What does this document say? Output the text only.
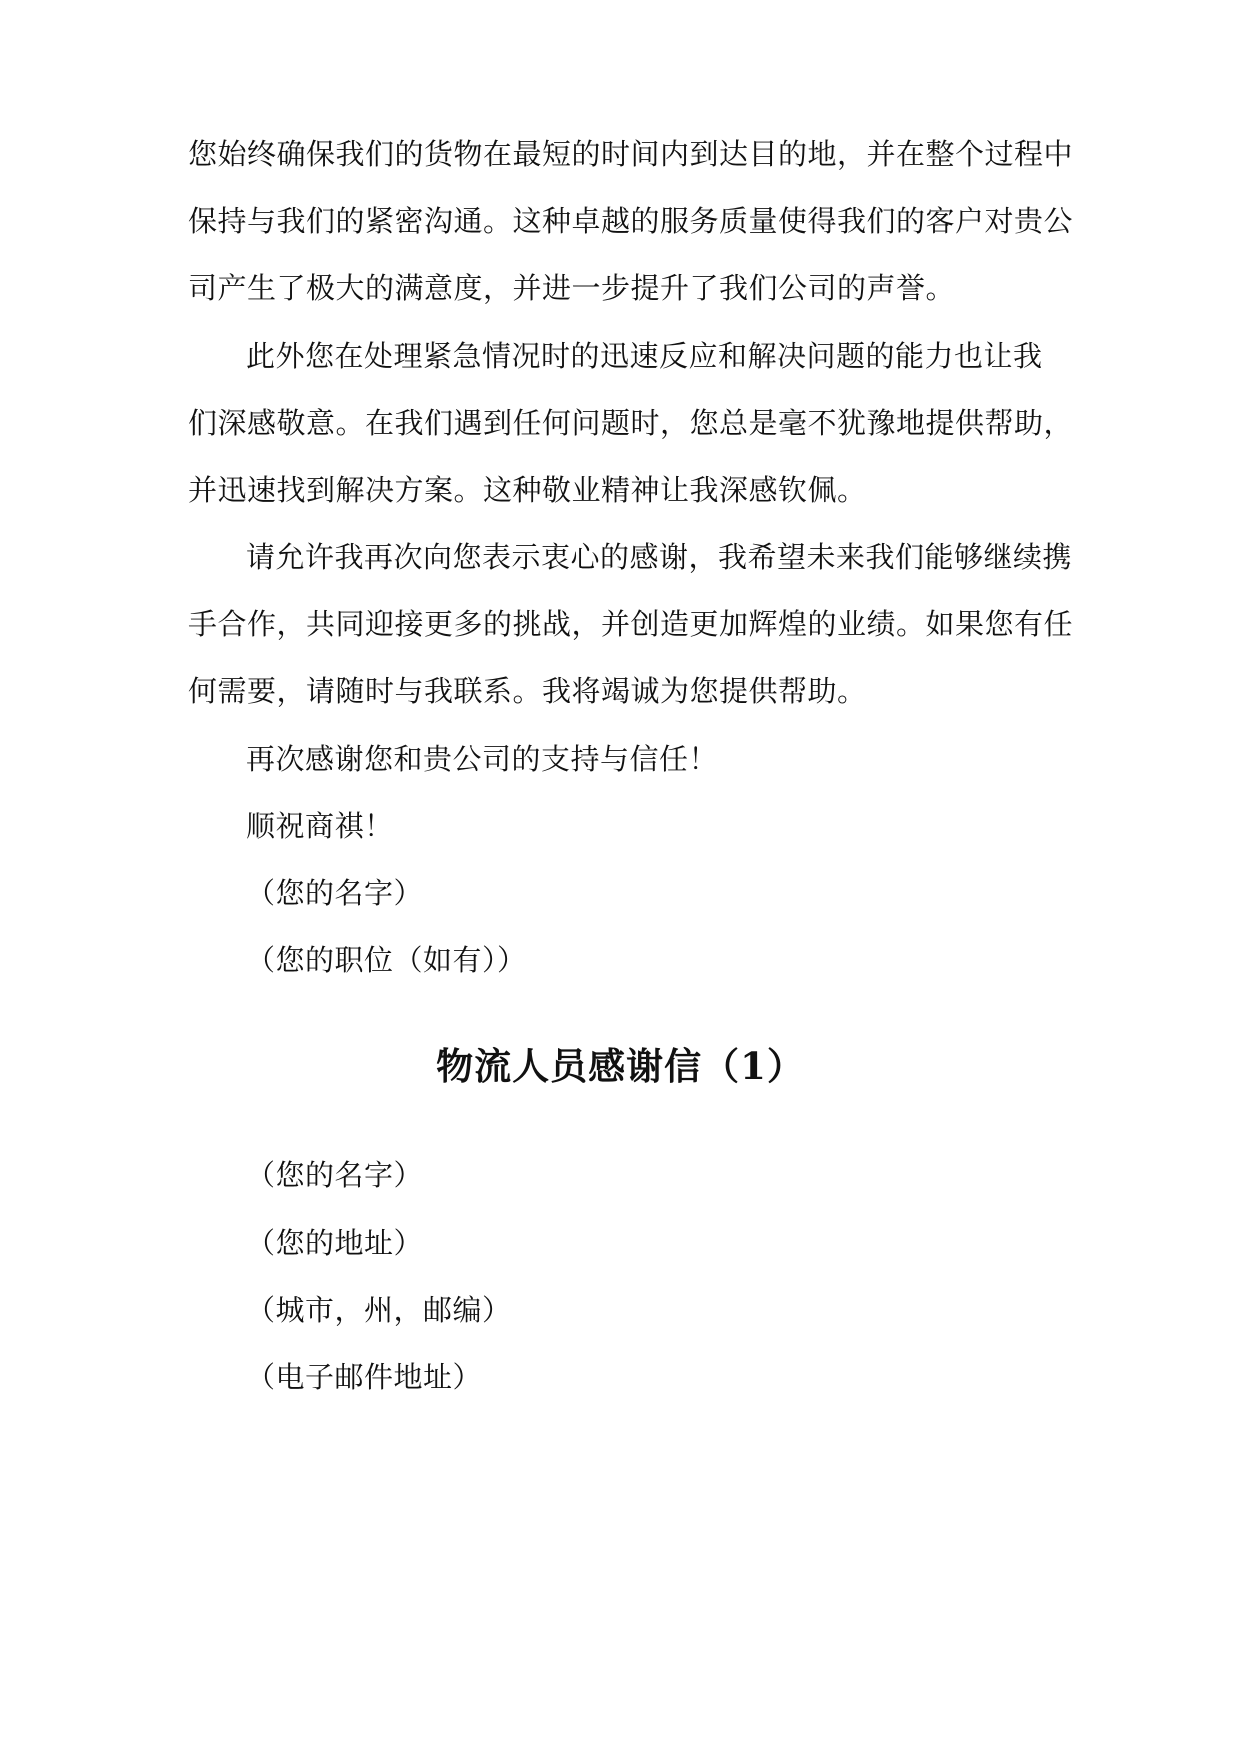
您始终确保我们的货物在最短的时间内到达目的地，并在整个过程中
保持与我们的紧密沟通。这种卓越的服务质量使得我们的客户对贵公
司产生了极大的满意度，并进一步提升了我们公司的声誉。
此外您在处理紧急情况时的迅速反应和解决问题的能力也让我
们深感敬意。在我们遇到任何问题时，您总是毫不犹豫地提供帮助，
并迅速找到解决方案。这种敬业精神让我深感钦佩。
请允许我再次向您表示衷心的感谢，我希望未来我们能够继续携
手合作，共同迎接更多的挑战，并创造更加辉煌的业绩。如果您有任
何需要，请随时与我联系。我将竭诚为您提供帮助。
再次感谢您和贵公司的支持与信任！
顺祝商祺！
（您的名字）
（您的职位（如有））
物流人员感谢信（1）
（您的名字）
（您的地址）
（城市，州，邮编）
（电子邮件地址）
